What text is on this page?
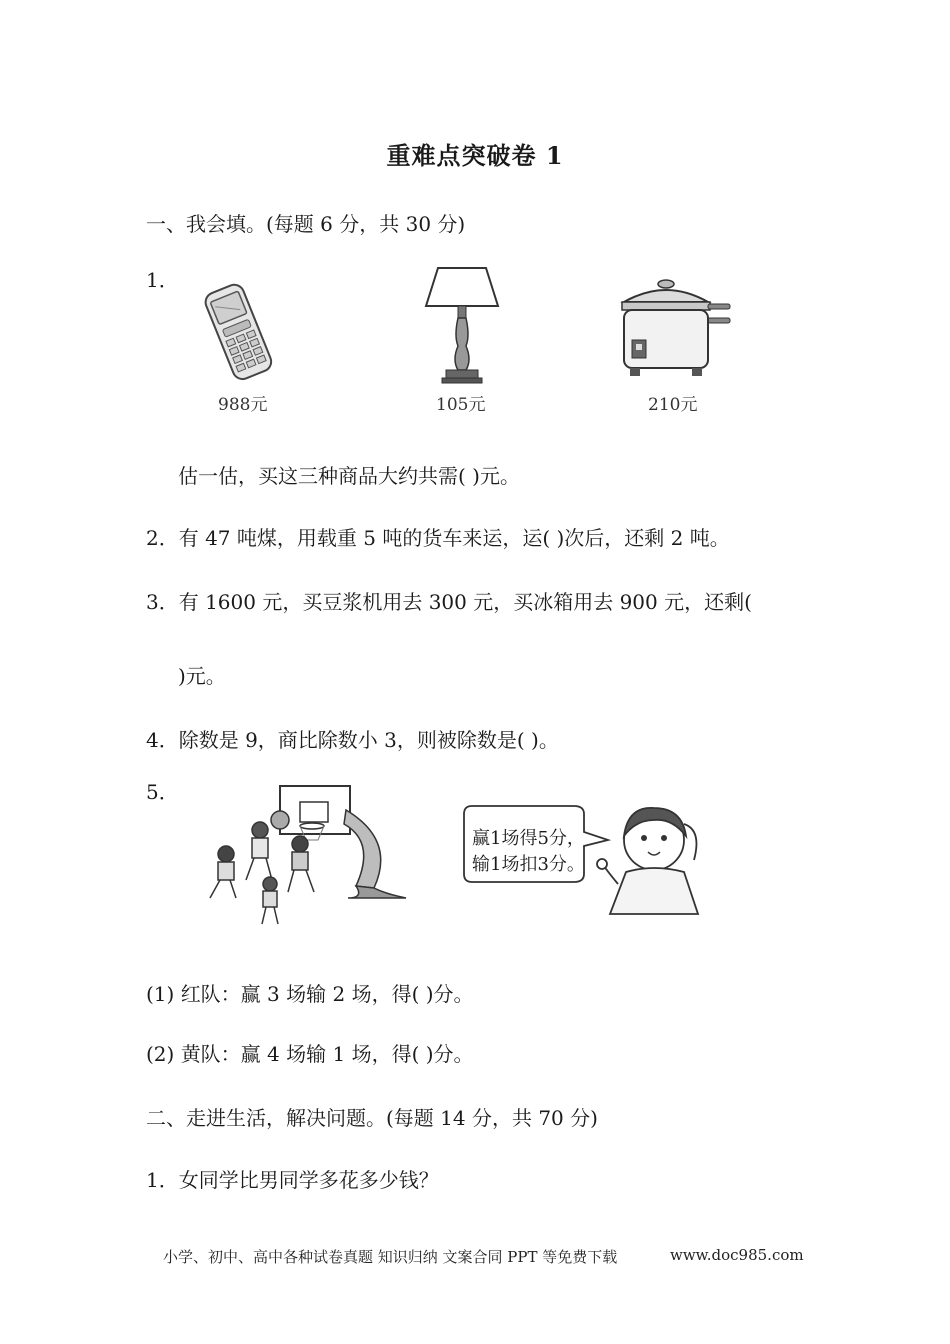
重难点突破卷 1
一、我会填。(每题 6 分，共 30 分)
1．
988元	105元	210元
估一估，买这三种商品大约共需( )元。
2．有 47 吨煤，用载重 5 吨的货车来运，运( )次后，还剩 2 吨。
3．有 1600 元，买豆浆机用去 300 元，买冰箱用去 900 元，还剩(
)元。
4．除数是 9，商比除数小 3，则被除数是( )。
5．
赢1场得5分，
输1场扣3分。
(1) 红队：赢 3 场输 2 场，得( )分。
(2) 黄队：赢 4 场输 1 场，得( )分。
二、走进生活，解决问题。(每题 14 分，共 70 分)
1．女同学比男同学多花多少钱？
小学、初中、高中各种试卷真题 知识归纳 文案合同 PPT 等免费下载	www.doc985.com
